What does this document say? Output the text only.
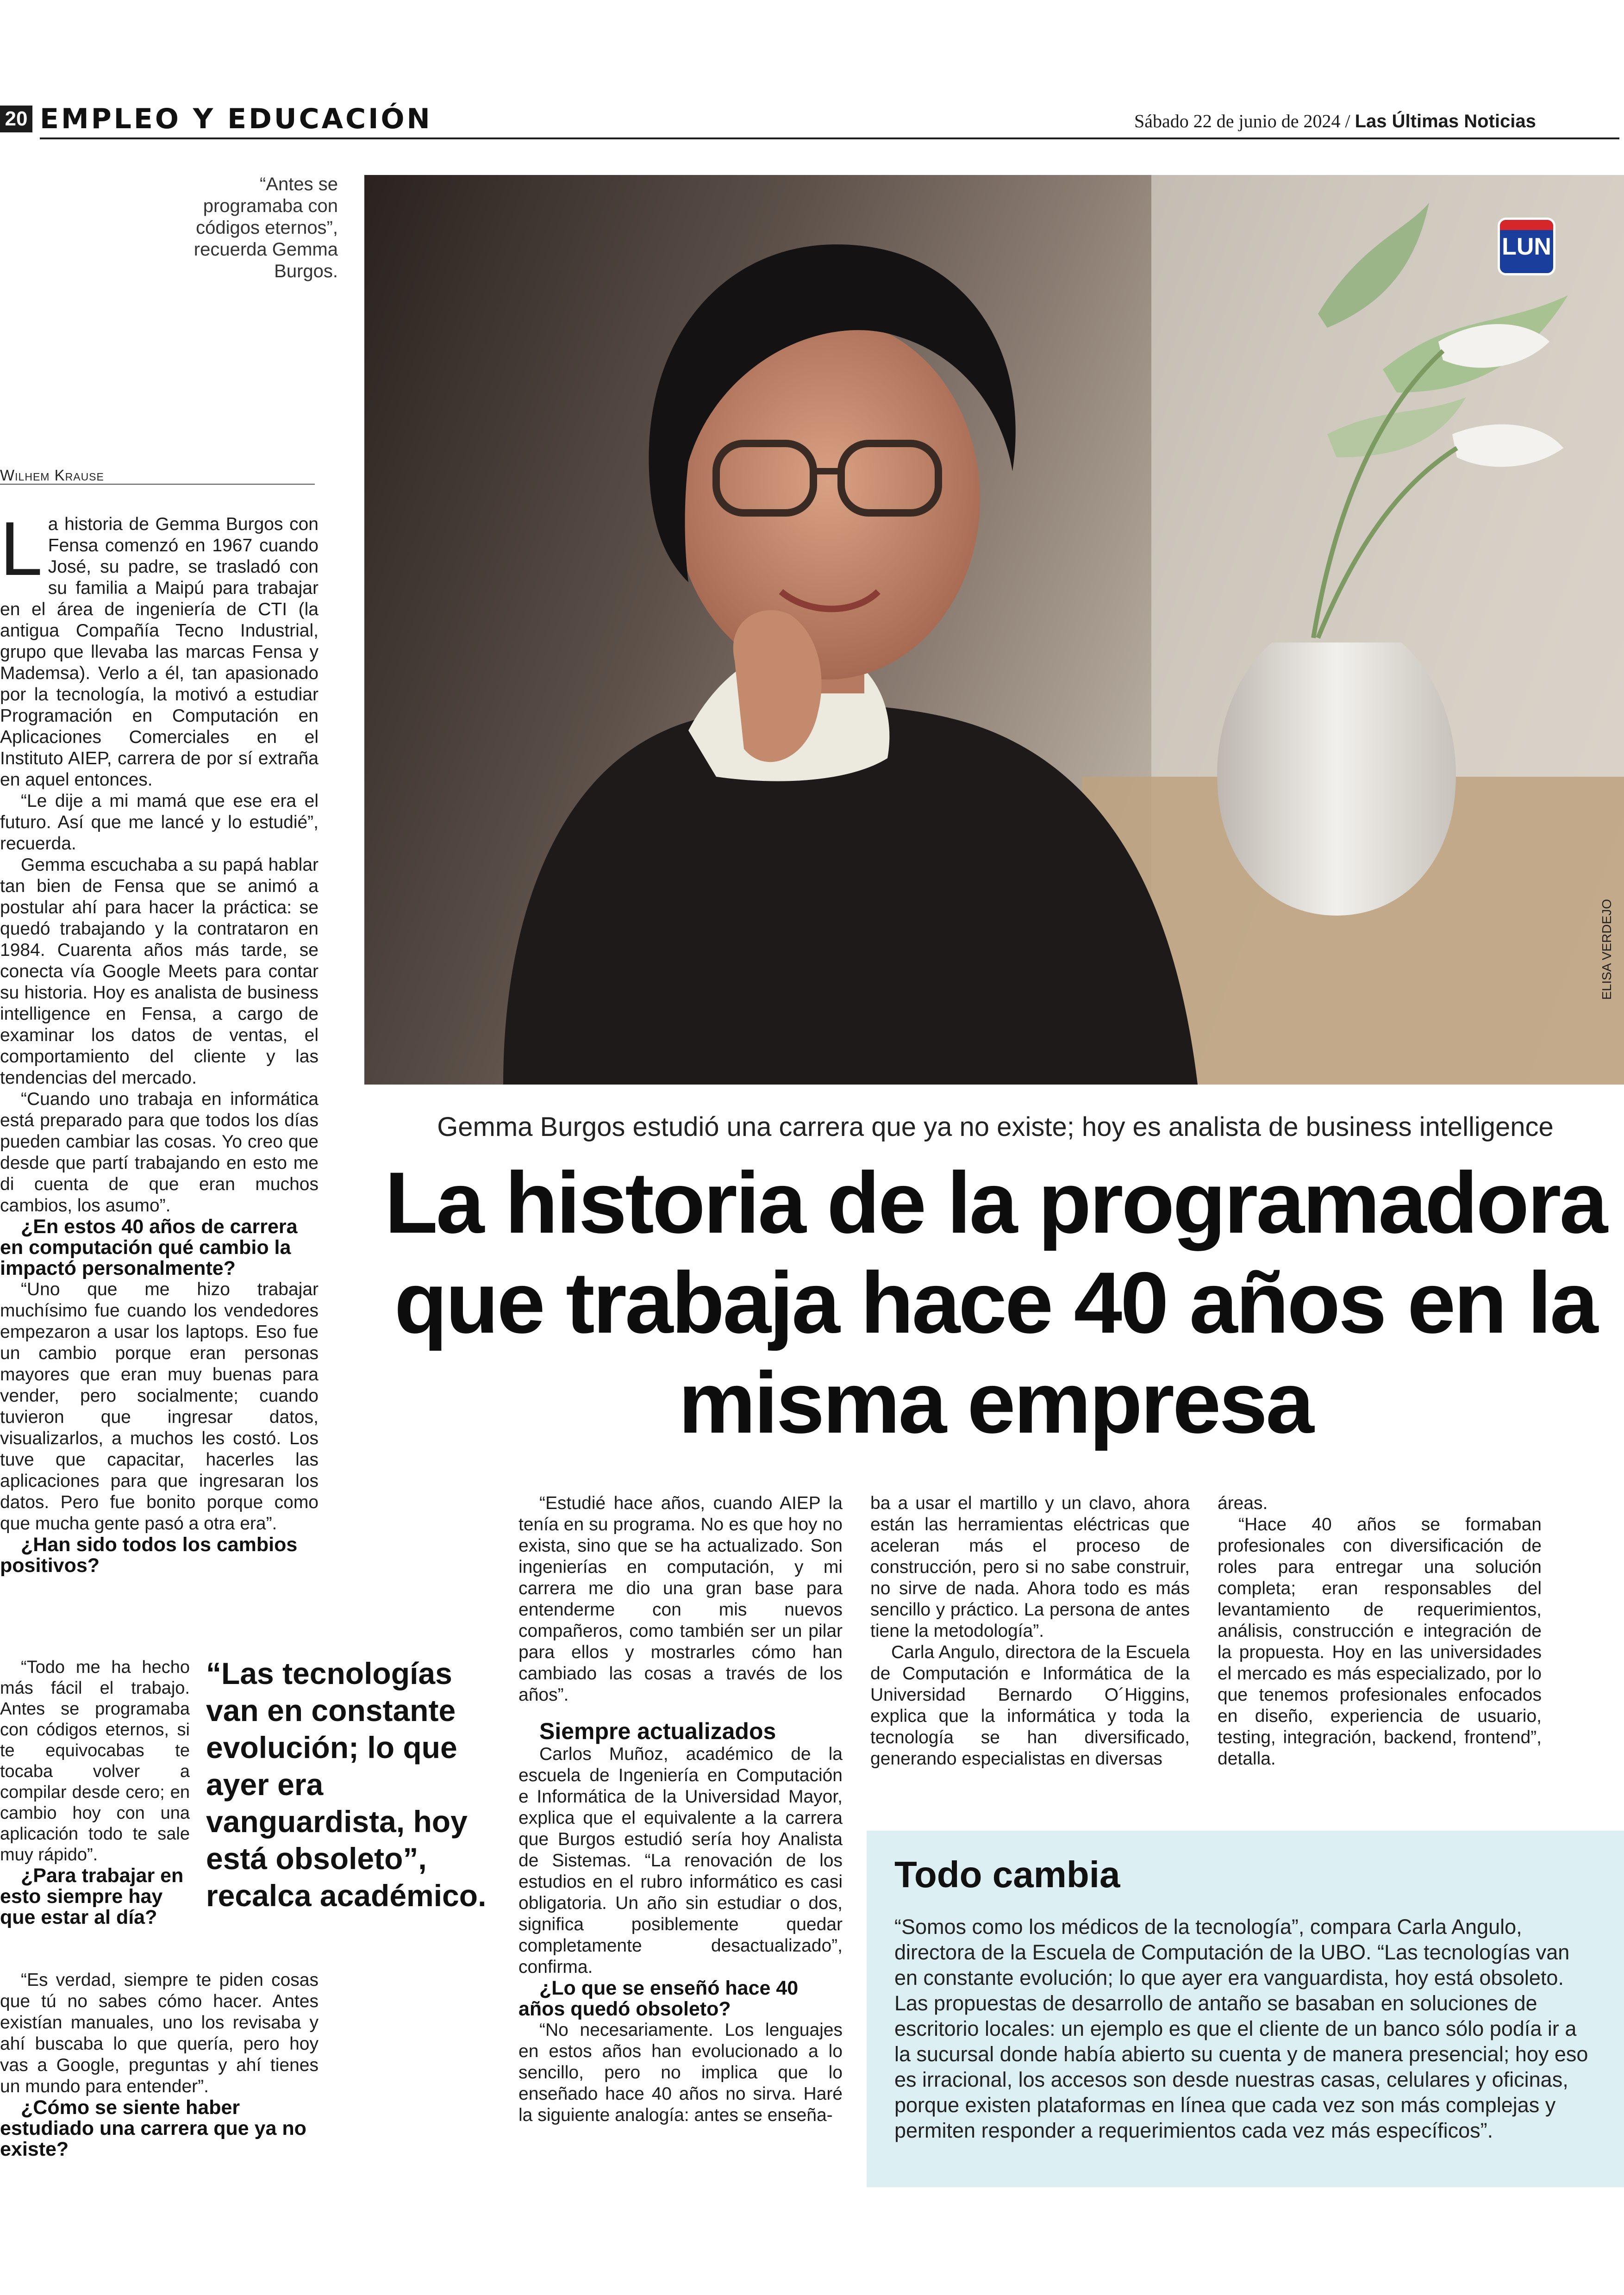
20 EMPLEO Y EDUCACIÓN	Sábado 22 de junio de 2024 / Las Últimas Noticias
“Antes se programaba con códigos eternos”, recuerda Gemma Burgos.
LUN
ELISA VERDEJO
Wilhem Krause
L a historia de Gemma Burgos con Fensa comenzó en 1967 cuando José, su padre, se trasladó con su familia a Maipú para trabajar en el área de ingeniería de CTI (la antigua Compañía Tecno Industrial, grupo que llevaba las marcas Fensa y Mademsa). Verlo a él, tan apasionado por la tecnología, la motivó a estudiar Programación en Computación en Aplicaciones Comerciales en el Instituto AIEP, carrera de por sí extraña en aquel entonces.

“Le dije a mi mamá que ese era el futuro. Así que me lancé y lo estudié”, recuerda.

Gemma escuchaba a su papá hablar tan bien de Fensa que se animó a postular ahí para hacer la práctica: se quedó trabajando y la contrataron en 1984. Cuarenta años más tarde, se conecta vía Google Meets para contar su historia. Hoy es analista de business intelligence en Fensa, a cargo de examinar los datos de ventas, el comportamiento del cliente y las tendencias del mercado.

“Cuando uno trabaja en informática está preparado para que todos los días pueden cambiar las cosas. Yo creo que desde que partí trabajando en esto me di cuenta de que eran muchos cambios, los asumo”.

¿En estos 40 años de carrera en computación qué cambio la impactó personalmente?

“Uno que me hizo trabajar muchísimo fue cuando los vendedores empezaron a usar los laptops. Eso fue un cambio porque eran personas mayores que eran muy buenas para vender, pero socialmente; cuando tuvieron que ingresar datos, visualizarlos, a muchos les costó. Los tuve que capacitar, hacerles las aplicaciones para que ingresaran los datos. Pero fue bonito porque como que mucha gente pasó a otra era”.

¿Han sido todos los cambios positivos?

“Todo me ha hecho más fácil el trabajo. Antes se programaba con códigos eternos, si te equivocabas te tocaba volver a compilar desde cero; en cambio hoy con una aplicación todo te sale muy rápido”.

¿Para trabajar en esto siempre hay que estar al día?

“Es verdad, siempre te piden cosas que tú no sabes cómo hacer. Antes existían manuales, uno los revisaba y ahí buscaba lo que quería, pero hoy vas a Google, preguntas y ahí tienes un mundo para entender”.

¿Cómo se siente haber estudiado una carrera que ya no existe?
“Las tecnologías van en constante evolución; lo que ayer era vanguardista, hoy está obsoleto”, recalca académico.
Gemma Burgos estudió una carrera que ya no existe; hoy es analista de business intelligence
La historia de la programadora que trabaja hace 40 años en la misma empresa

“Estudié hace años, cuando AIEP la tenía en su programa. No es que hoy no exista, sino que se ha actualizado. Son ingenierías en computación, y mi carrera me dio una gran base para entenderme con mis nuevos compañeros, como también ser un pilar para ellos y mostrarles cómo han cambiado las cosas a través de los años”.

Siempre actualizados

Carlos Muñoz, académico de la escuela de Ingeniería en Computación e Informática de la Universidad Mayor, explica que el equivalente a la carrera que Burgos estudió sería hoy Analista de Sistemas. “La renovación de los estudios en el rubro informático es casi obligatoria. Un año sin estudiar o dos, significa posiblemente quedar completamente desactualizado”, confirma.

¿Lo que se enseñó hace 40 años quedó obsoleto?

“No necesariamente. Los lenguajes en estos años han evolucionado a lo sencillo, pero no implica que lo enseñado hace 40 años no sirva. Haré la siguiente analogía: antes se enseña-

ba a usar el martillo y un clavo, ahora están las herramientas eléctricas que aceleran más el proceso de construcción, pero si no sabe construir, no sirve de nada. Ahora todo es más sencillo y práctico. La persona de antes tiene la metodología”.

Carla Angulo, directora de la Escuela de Computación e Informática de la Universidad Bernardo O´Higgins, explica que la informática y toda la tecnología se han diversificado, generando especialistas en diversas

áreas.

“Hace 40 años se formaban profesionales con diversificación de roles para entregar una solución completa; eran responsables del levantamiento de requerimientos, análisis, construcción e integración de la propuesta. Hoy en las universidades el mercado es más especializado, por lo que tenemos profesionales enfocados en diseño, experiencia de usuario, testing, integración, backend, frontend”, detalla.

Todo cambia
“Somos como los médicos de la tecnología”, compara Carla Angulo, directora de la Escuela de Computación de la UBO. “Las tecnologías van en constante evolución; lo que ayer era vanguardista, hoy está obsoleto. Las propuestas de desarrollo de antaño se basaban en soluciones de escritorio locales: un ejemplo es que el cliente de un banco sólo podía ir a la sucursal donde había abierto su cuenta y de manera presencial; hoy eso es irracional, los accesos son desde nuestras casas, celulares y oficinas, porque existen plataformas en línea que cada vez son más complejas y permiten responder a requerimientos cada vez más específicos”.
